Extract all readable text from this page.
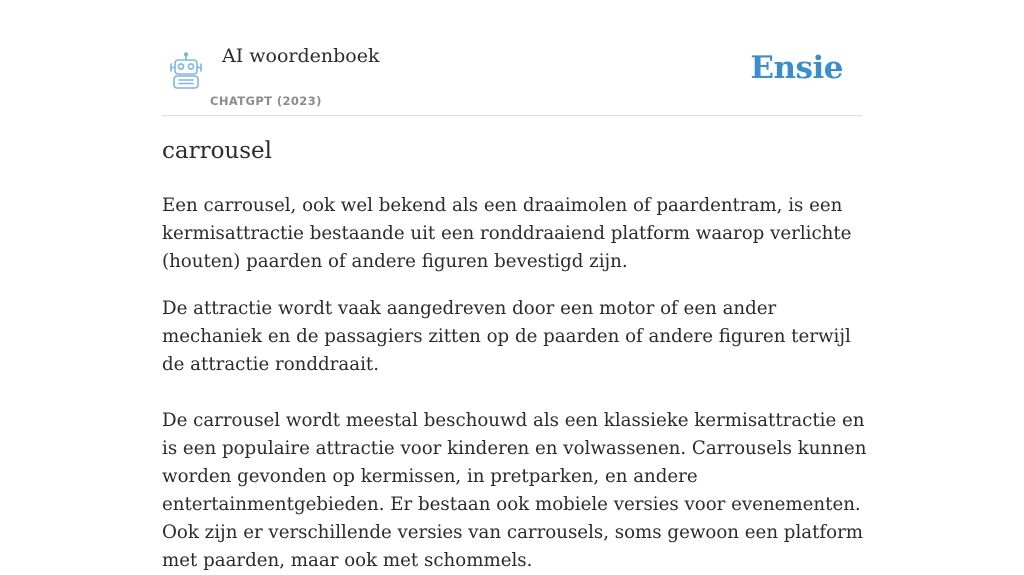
AI woordenboek
CHATGPT (2023)
Ensie
carrousel

Een carrousel, ook wel bekend als een draaimolen of paardentram, is een kermisattractie bestaande uit een ronddraaiend platform waarop verlichte (houten) paarden of andere figuren bevestigd zijn.

De attractie wordt vaak aangedreven door een motor of een ander mechaniek en de passagiers zitten op de paarden of andere figuren terwijl de attractie ronddraait.

De carrousel wordt meestal beschouwd als een klassieke kermisattractie en is een populaire attractie voor kinderen en volwassenen. Carrousels kunnen worden gevonden op kermissen, in pretparken, en andere entertainmentgebieden. Er bestaan ook mobiele versies voor evenementen. Ook zijn er verschillende versies van carrousels, soms gewoon een platform met paarden, maar ook met schommels.
